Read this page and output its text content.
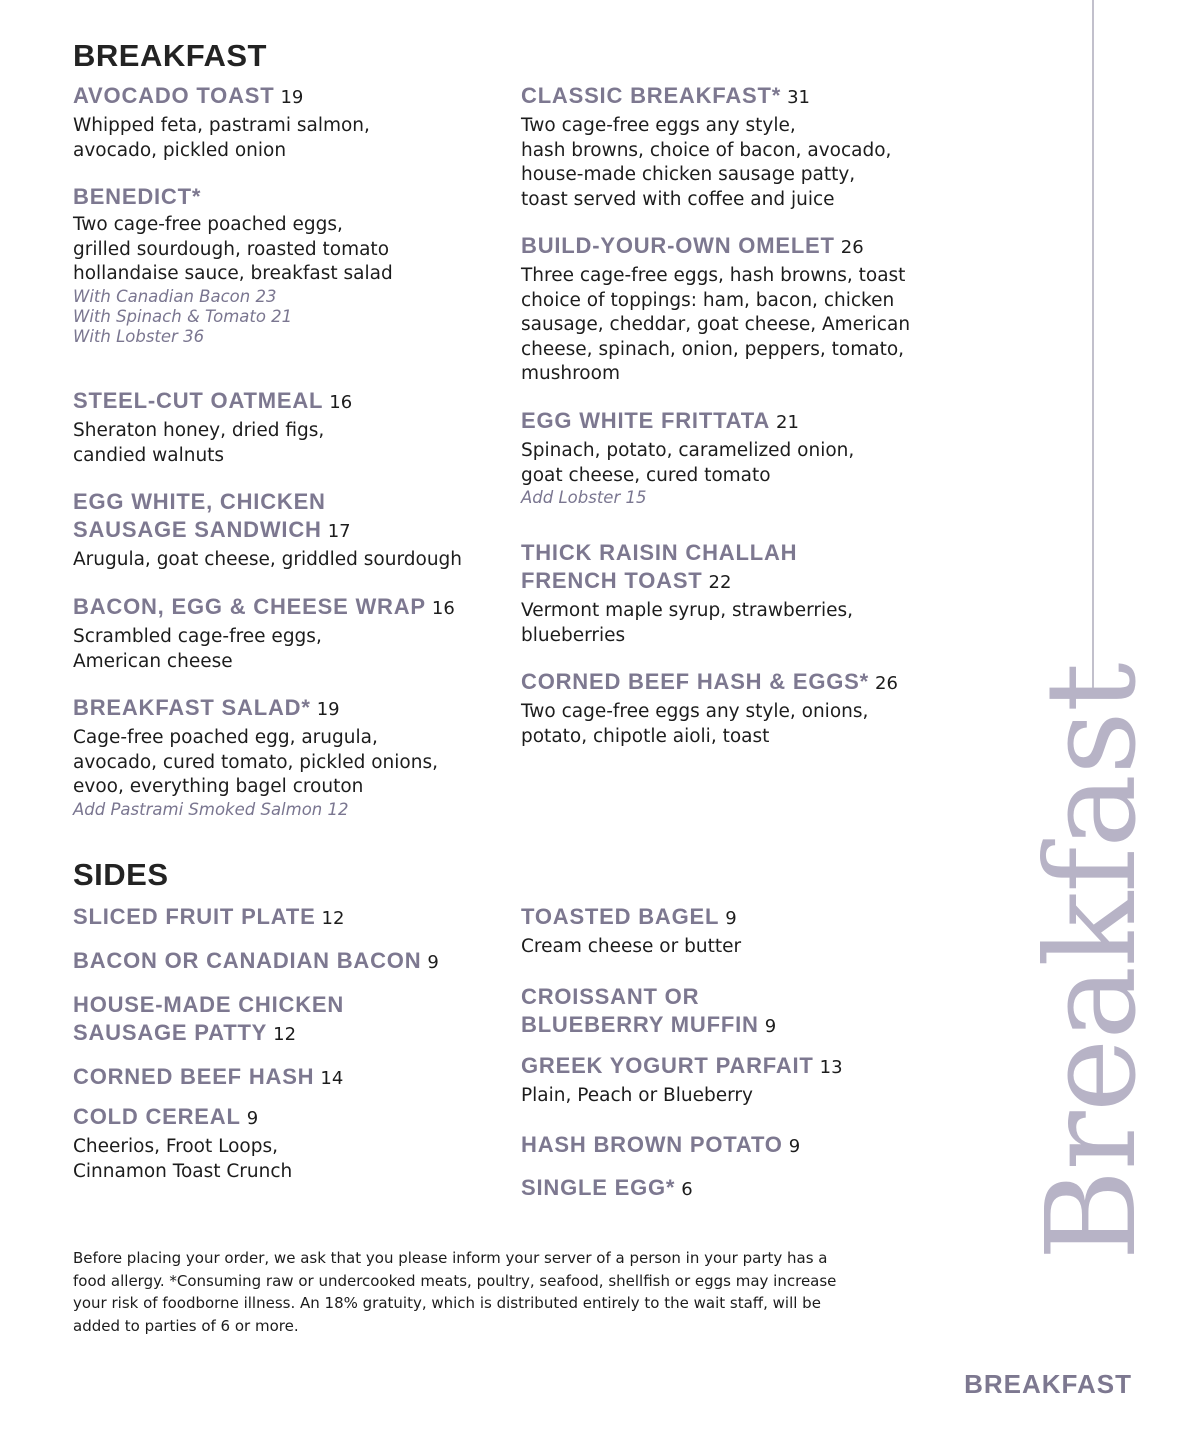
BREAKFAST
AVOCADO TOAST 19
Whipped feta, pastrami salmon,
avocado, pickled onion
BENEDICT*
Two cage-free poached eggs,
grilled sourdough, roasted tomato
hollandaise sauce, breakfast salad
With Canadian Bacon 23
With Spinach & Tomato 21
With Lobster 36
STEEL-CUT OATMEAL 16
Sheraton honey, dried figs,
candied walnuts
EGG WHITE, CHICKEN
SAUSAGE SANDWICH 17
Arugula, goat cheese, griddled sourdough
BACON, EGG & CHEESE WRAP 16
Scrambled cage-free eggs,
American cheese
BREAKFAST SALAD* 19
Cage-free poached egg, arugula,
avocado, cured tomato, pickled onions,
evoo, everything bagel crouton
Add Pastrami Smoked Salmon 12
CLASSIC BREAKFAST* 31
Two cage-free eggs any style,
hash browns, choice of bacon, avocado,
house-made chicken sausage patty,
toast served with coffee and juice
BUILD-YOUR-OWN OMELET 26
Three cage-free eggs, hash browns, toast
choice of toppings: ham, bacon, chicken
sausage, cheddar, goat cheese, American
cheese, spinach, onion, peppers, tomato,
mushroom
EGG WHITE FRITTATA 21
Spinach, potato, caramelized onion,
goat cheese, cured tomato
Add Lobster 15
THICK RAISIN CHALLAH
FRENCH TOAST 22
Vermont maple syrup, strawberries,
blueberries
CORNED BEEF HASH & EGGS* 26
Two cage-free eggs any style, onions,
potato, chipotle aioli, toast
SIDES
SLICED FRUIT PLATE 12
BACON OR CANADIAN BACON 9
HOUSE-MADE CHICKEN
SAUSAGE PATTY 12
CORNED BEEF HASH 14
COLD CEREAL 9
Cheerios, Froot Loops,
Cinnamon Toast Crunch
TOASTED BAGEL 9
Cream cheese or butter
CROISSANT OR
BLUEBERRY MUFFIN 9
GREEK YOGURT PARFAIT 13
Plain, Peach or Blueberry
HASH BROWN POTATO 9
SINGLE EGG* 6	Breakfast
Before placing your order, we ask that you please inform your server of a person in your party has a
food allergy. *Consuming raw or undercooked meats, poultry, seafood, shellfish or eggs may increase
your risk of foodborne illness. An 18% gratuity, which is distributed entirely to the wait staff, will be
added to parties of 6 or more.
BREAKFAST
